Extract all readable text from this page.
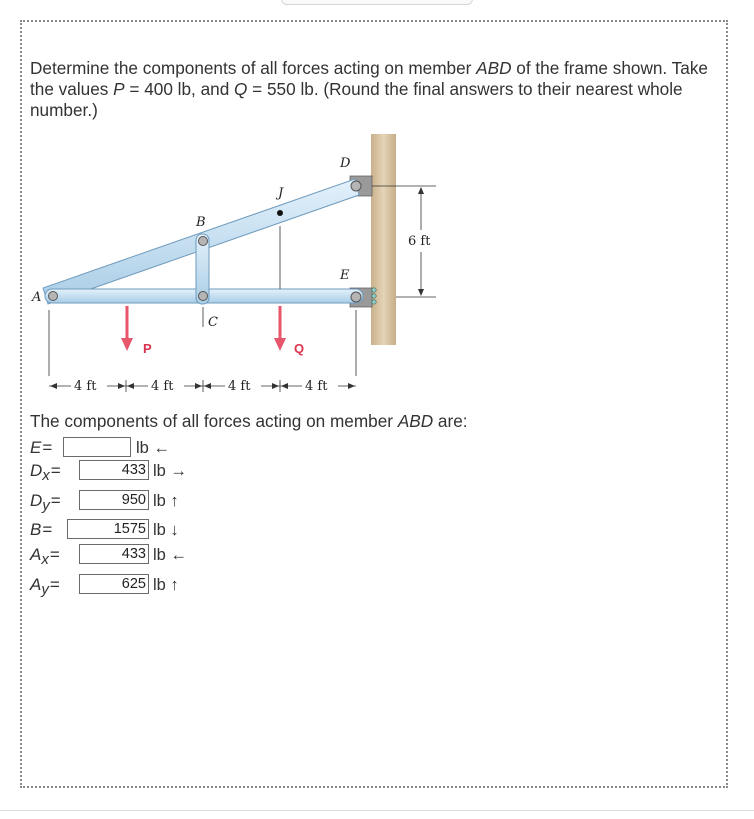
Determine the components of all forces acting on member ABD of the frame shown. Take the values P = 400 lb, and Q = 550 lb. (Round the final answers to their nearest whole number.)
A
B
C
D
E
J
P	Q
4 ft	4 ft	4 ft	4 ft
6 ft
The components of all forces acting on member ABD are:
E=	lb ←
$D_x=$	433 lb →
$D_y=$	950 lb ↑
B=	1575 lb ↓
$A_x=$	433 lb ←
$A_y=$	625 lb ↑
